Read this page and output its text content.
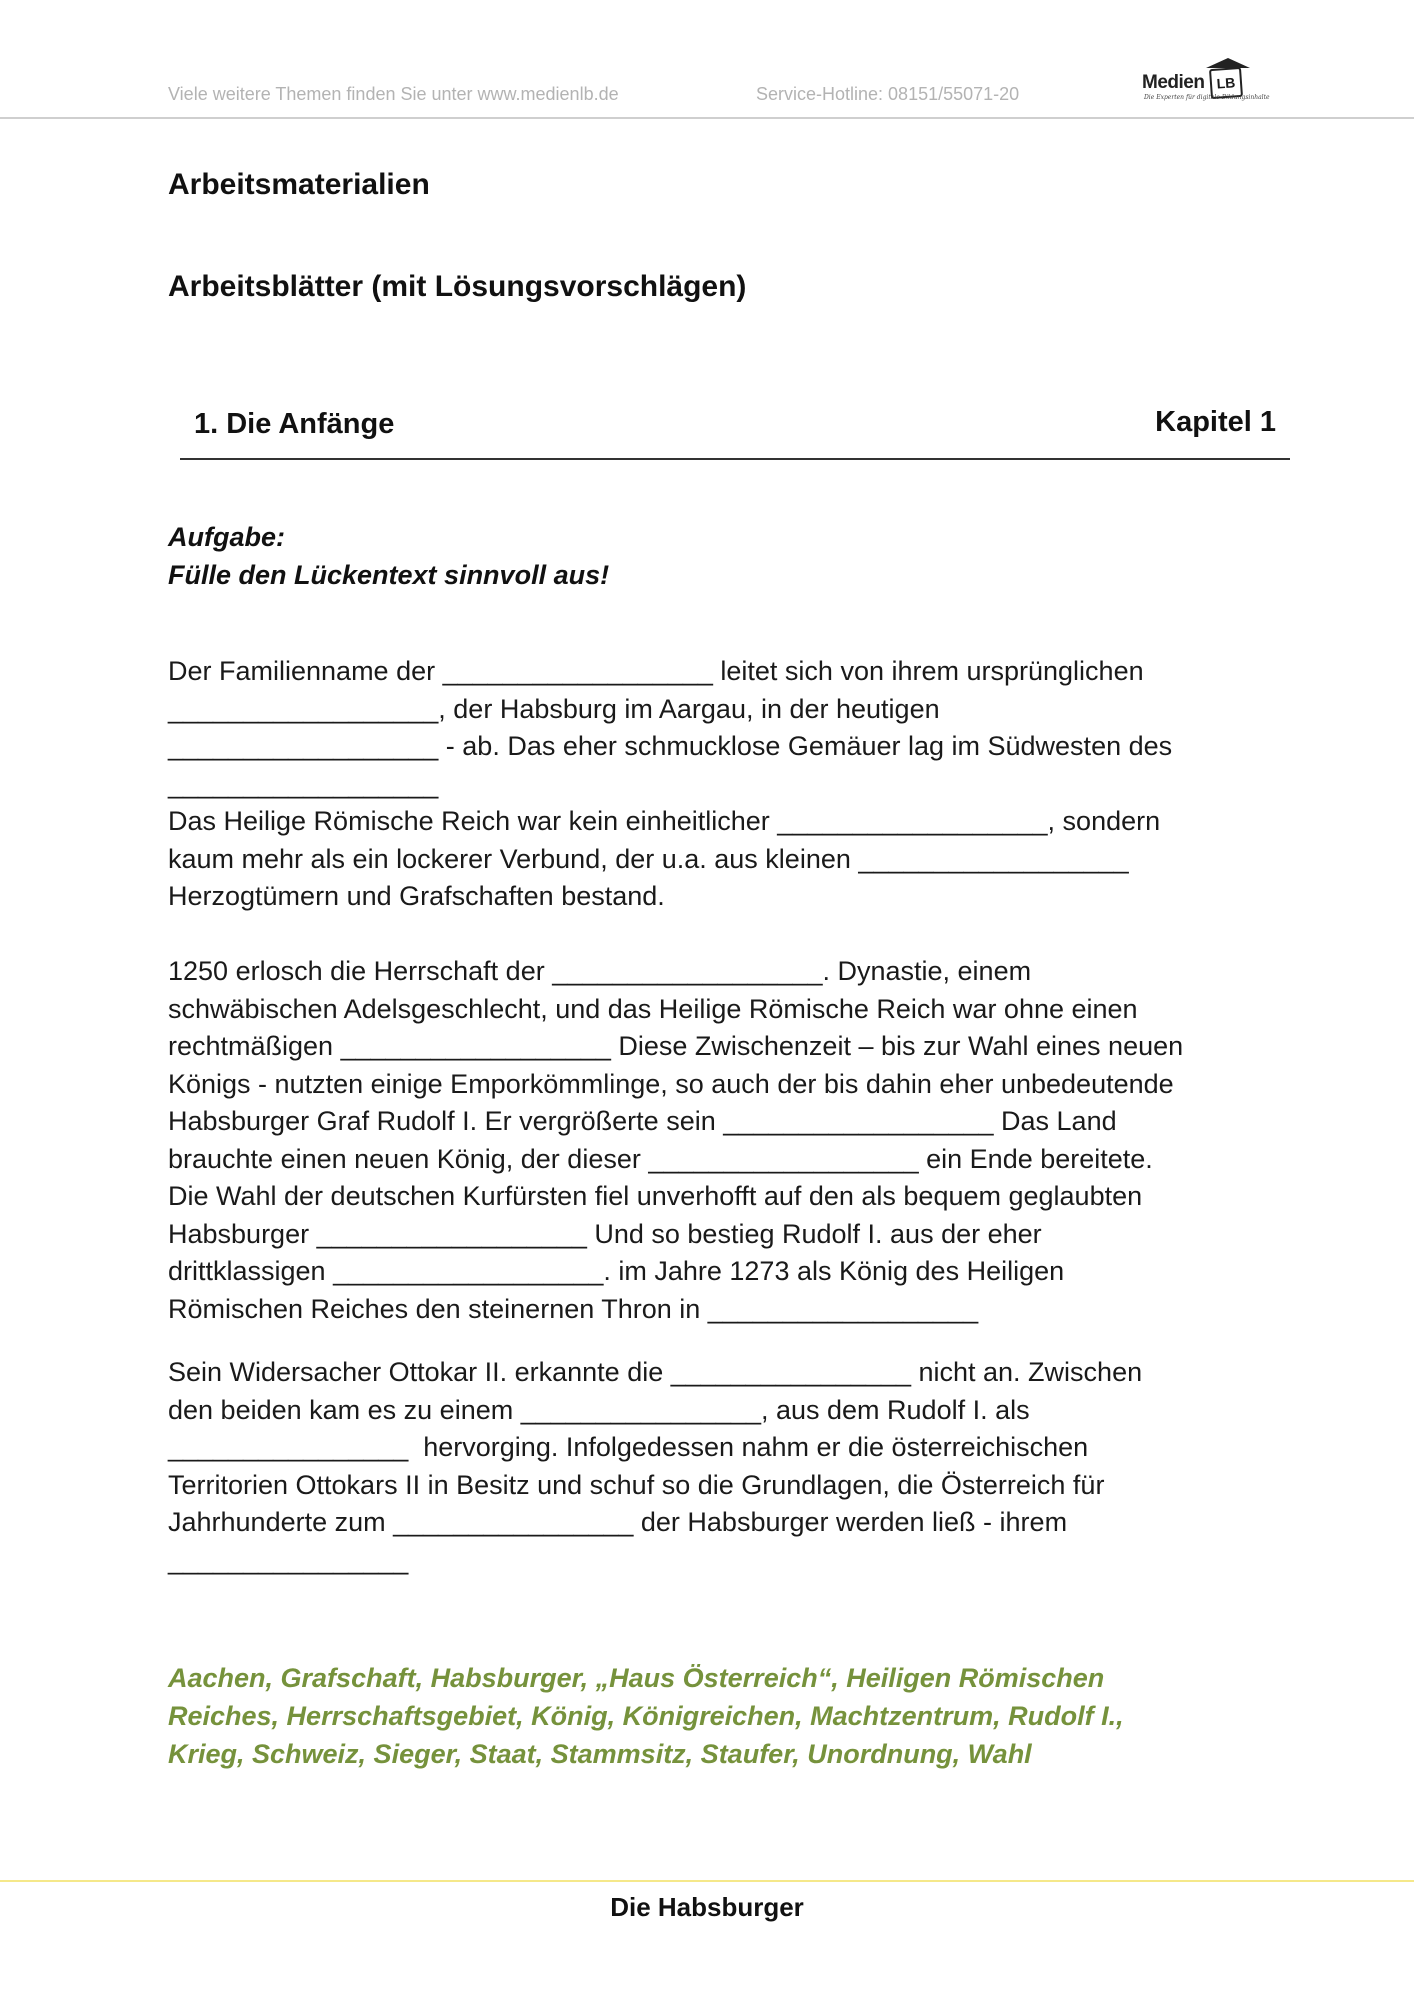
Viele weitere Themen finden Sie unter www.medienlb.de	Service-Hotline: 08151/55071-20
Medien LB
Die Experten für digitale Bildungsinhalte
Arbeitsmaterialien
Arbeitsblätter (mit Lösungsvorschlägen)
1. Die Anfänge	Kapitel 1
Aufgabe:
Fülle den Lückentext sinnvoll aus!
Der Familienname der __________________ leitet sich von ihrem ursprünglichen
__________________, der Habsburg im Aargau, in der heutigen
__________________ - ab. Das eher schmucklose Gemäuer lag im Südwesten des
__________________
Das Heilige Römische Reich war kein einheitlicher __________________, sondern
kaum mehr als ein lockerer Verbund, der u.a. aus kleinen __________________
Herzogtümern und Grafschaften bestand.
1250 erlosch die Herrschaft der __________________. Dynastie, einem
schwäbischen Adelsgeschlecht, und das Heilige Römische Reich war ohne einen
rechtmäßigen __________________ Diese Zwischenzeit – bis zur Wahl eines neuen
Königs - nutzten einige Emporkömmlinge, so auch der bis dahin eher unbedeutende
Habsburger Graf Rudolf I. Er vergrößerte sein __________________ Das Land
brauchte einen neuen König, der dieser __________________ ein Ende bereitete.
Die Wahl der deutschen Kurfürsten fiel unverhofft auf den als bequem geglaubten
Habsburger __________________ Und so bestieg Rudolf I. aus der eher
drittklassigen __________________. im Jahre 1273 als König des Heiligen
Römischen Reiches den steinernen Thron in __________________
Sein Widersacher Ottokar II. erkannte die ________________ nicht an. Zwischen
den beiden kam es zu einem ________________, aus dem Rudolf I. als
________________  hervorging. Infolgedessen nahm er die österreichischen
Territorien Ottokars II in Besitz und schuf so die Grundlagen, die Österreich für
Jahrhunderte zum ________________ der Habsburger werden ließ - ihrem
________________
Aachen, Grafschaft, Habsburger, „Haus Österreich“, Heiligen Römischen
Reiches, Herrschaftsgebiet, König, Königreichen, Machtzentrum, Rudolf I.,
Krieg, Schweiz, Sieger, Staat, Stammsitz, Staufer, Unordnung, Wahl
Die Habsburger
